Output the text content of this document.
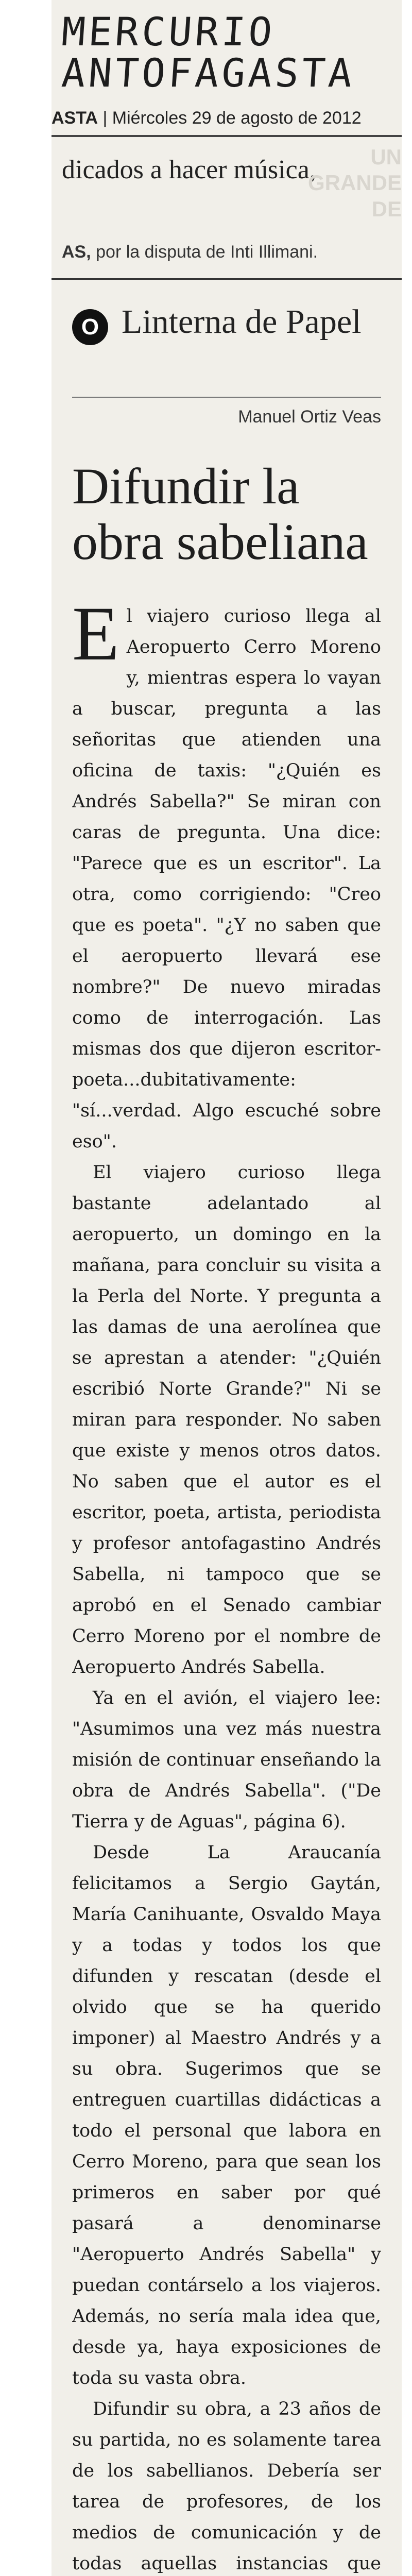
MERCURIO
ANTOFAGASTA
ASTA | Miércoles 29 de agosto de 2012
dicados a hacer música,	UN GRANDE DE
AS, por la disputa de Inti Illimani.
O Linterna de Papel
Manuel Ortiz Veas
Difundir la obra sabeliana

El viajero curioso llega al Aeropuerto Cerro Moreno y, mientras espera lo vayan a buscar, pregunta a las señoritas que atienden una oficina de taxis: "¿Quién es Andrés Sabella?" Se miran con caras de pregunta. Una dice: "Parece que es un escritor". La otra, como corrigiendo: "Creo que es poeta". "¿Y no saben que el aeropuerto llevará ese nombre?" De nuevo miradas como de interrogación. Las mismas dos que dijeron escritor-poeta...dubitativamente: "sí...verdad. Algo escuché sobre eso".

El viajero curioso llega bastante adelantado al aeropuerto, un domingo en la mañana, para concluir su visita a la Perla del Norte. Y pregunta a las damas de una aerolínea que se aprestan a atender: "¿Quién escribió Norte Grande?" Ni se miran para responder. No saben que existe y menos otros datos. No saben que el autor es el escritor, poeta, artista, periodista y profesor antofagastino Andrés Sabella, ni tampoco que se aprobó en el Senado cambiar Cerro Moreno por el nombre de Aeropuerto Andrés Sabella.

Ya en el avión, el viajero lee: "Asumimos una vez más nuestra misión de continuar enseñando la obra de Andrés Sabella". ("De Tierra y de Aguas", página 6).

Desde La Araucanía felicitamos a Sergio Gaytán, María Canihuante, Osvaldo Maya y a todas y todos los que difunden y rescatan (desde el olvido que se ha querido imponer) al Maestro Andrés y a su obra. Sugerimos que se entreguen cuartillas didácticas a todo el personal que labora en Cerro Moreno, para que sean los primeros en saber por qué pasará a denominarse "Aeropuerto Andrés Sabella" y puedan contárselo a los viajeros. Además, no sería mala idea que, desde ya, haya exposiciones de toda su vasta obra.

Difundir su obra, a 23 años de su partida, no es solamente tarea de los sabellianos. Debería ser tarea de profesores, de los medios de comunicación y de todas aquellas instancias que
